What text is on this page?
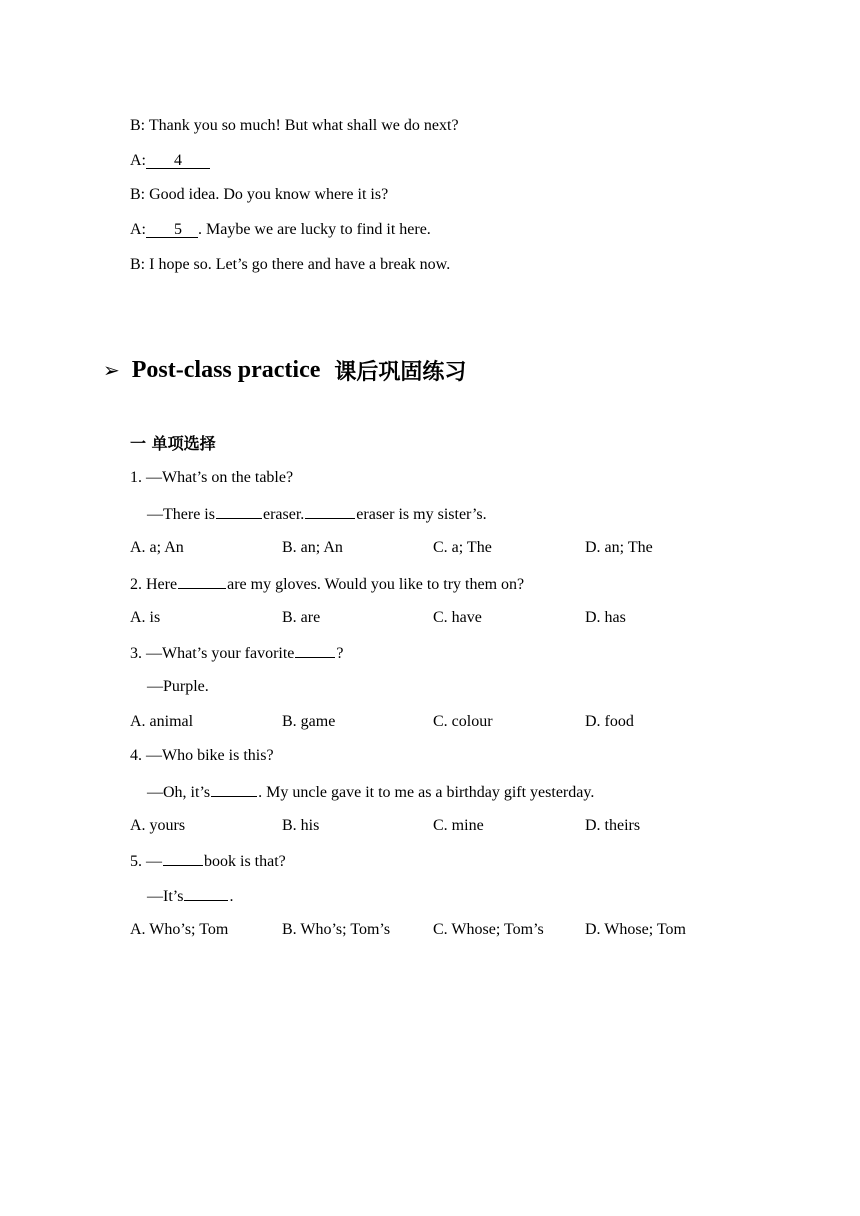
B: Thank you so much! But what shall we do next?
A: 4
B: Good idea. Do you know where it is?
A: 5 . Maybe we are lucky to find it here.
B: I hope so. Let’s go there and have a break now.
➢ Post-class practice 课后巩固练习
一 单项选择
1. —What’s on the table?
—There is	eraser.	eraser is my sister’s.
A. a; An	B. an; An	C. a; The	D. an; The
2. Here	are my gloves. Would you like to try them on?
A. is	B. are	C. have	D. has
3. —What’s your favorite	?
—Purple.
A. animal	B. game	C. colour	D. food
4. —Who bike is this?
—Oh, it’s	. My uncle gave it to me as a birthday gift yesterday.
A. yours	B. his	C. mine	D. theirs
5. —	book is that?
—It’s	.
A. Who’s; Tom	B. Who’s; Tom’s	C. Whose; Tom’s	D. Whose; Tom
